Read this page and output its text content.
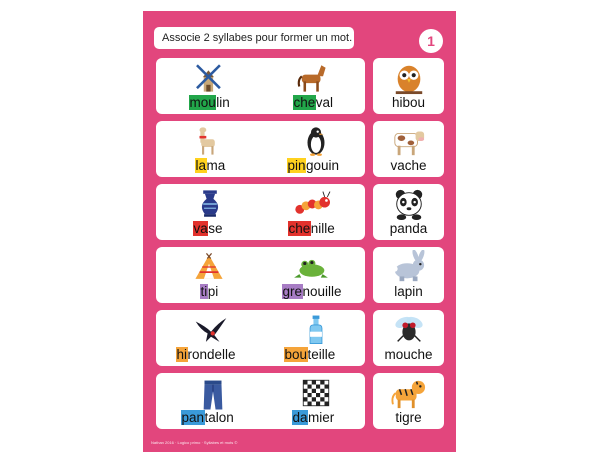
Associe 2 syllabes pour former un mot.	1
moulin	cheval	hibou
lama	pingouin	vache
vase	chenille	panda
tipi	grenouille	lapin
hirondelle	bouteille	mouche
pantalon	damier	tigre
Nathan 2016 · Logico primo · Syllabes et mots ©
